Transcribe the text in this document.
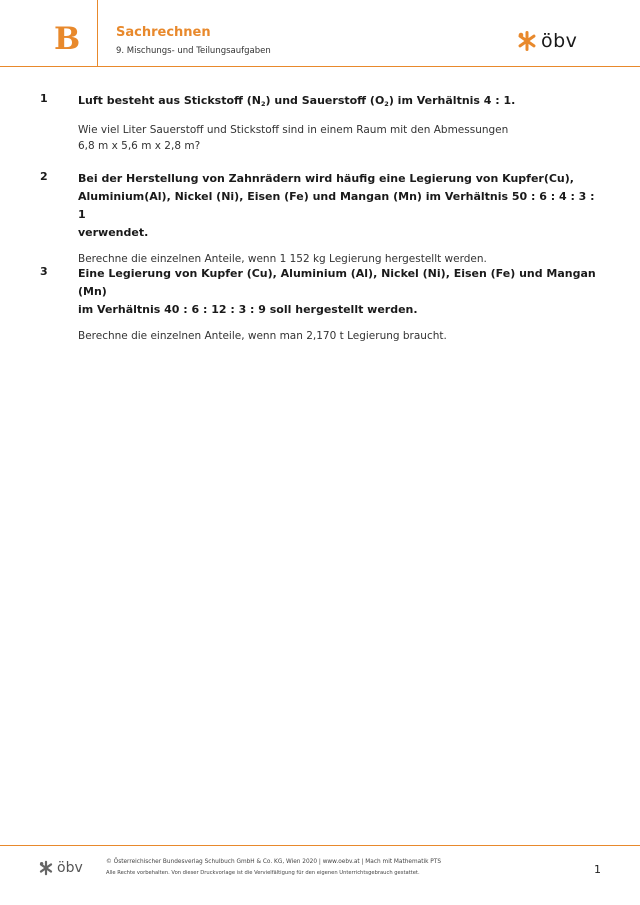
B	Sachrechnen
9. Mischungs- und Teilungsaufgaben	öbv
1	Luft besteht aus Stickstoff $(N_2)$ und Sauerstoff $(O_2)$ im Verhältnis 4 : 1.
Wie viel Liter Sauerstoff und Stickstoff sind in einem Raum mit den Abmessungen
6,8 m x 5,6 m x 2,8 m?
2	Bei der Herstellung von Zahnrädern wird häufig eine Legierung von Kupfer(Cu),
Aluminium(Al), Nickel (Ni), Eisen (Fe) und Mangan (Mn) im Verhältnis 50 : 6 : 4 : 3 : 1
verwendet.
Berechne die einzelnen Anteile, wenn 1 152 kg Legierung hergestellt werden.
3	Eine Legierung von Kupfer (Cu), Aluminium (Al), Nickel (Ni), Eisen (Fe) und Mangan (Mn)
im Verhältnis 40 : 6 : 12 : 3 : 9 soll hergestellt werden.
Berechne die einzelnen Anteile, wenn man 2,170 t Legierung braucht.
öbv	© Österreichischer Bundesverlag Schulbuch GmbH & Co. KG, Wien 2020 | www.oebv.at | Mach mit Mathematik PTS
Alle Rechte vorbehalten. Von dieser Druckvorlage ist die Vervielfältigung für den eigenen Unterrichtsgebrauch gestattet.	1
